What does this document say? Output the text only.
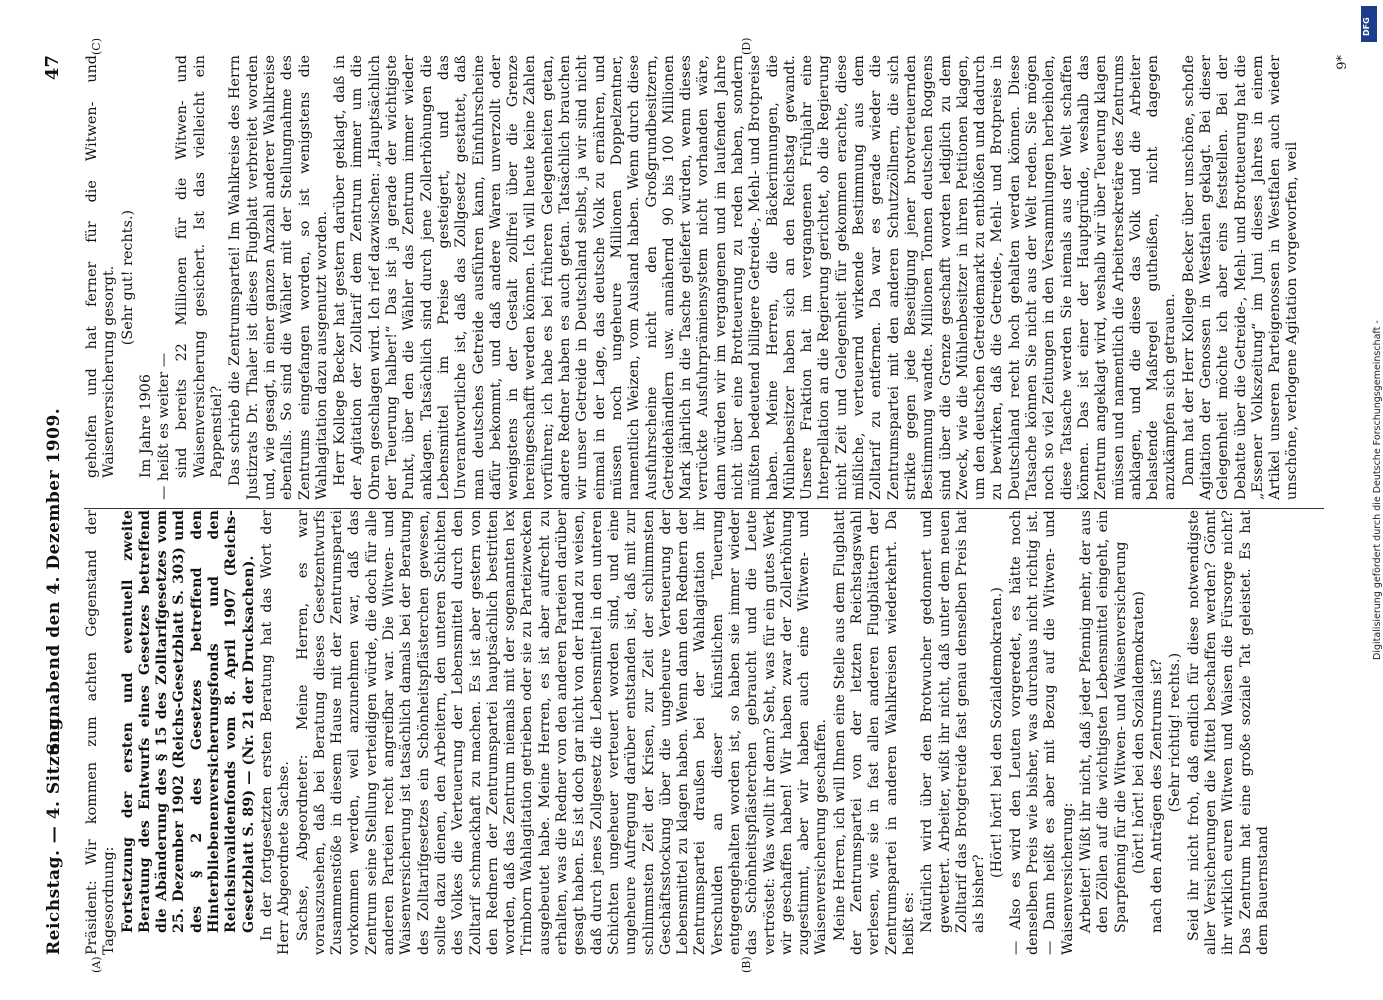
Reichstag. — 4. Sitzung.
Sonnabend den 4. Dezember 1909.
47
(A)	(B)
(C)	(D)

Präsident: Wir kommen zum achten Gegenstand der Tagesordnung: Fortsetzung der ersten und eventuell zweite Beratung des Entwurfs eines Gesetzes betreffend die Abänderung des § 15 des Zolltarifgesetzes vom 25. Dezember 1902 (Reichs-Gesetzblatt S. 303) und des § 2 des Gesetzes betreffend den Hinterbliebenenversicherungsfonds und den Reichsinvalidenfonds vom 8. April 1907 (Reichs-Gesetzblatt S. 89) — (Nr. 21 der Drucksachen). In der fortgesetzten ersten Beratung hat das Wort der Herr Abgeordnete Sachse. Sachse, Abgeordneter: Meine Herren, es war vorauszusehen, daß bei Beratung dieses Gesetzentwurfs Zusammenstöße in diesem Hause mit der Zentrumspartei vorkommen werden, weil anzunehmen war, daß das Zentrum seine Stellung verteidigen würde, die doch für alle anderen Parteien recht angreifbar war. Die Witwen- und Waisenversicherung ist tatsächlich damals bei der Beratung des Zolltarifgesetzes ein Schönheitspflästerchen gewesen, sollte dazu dienen, den Arbeitern, den unteren Schichten des Volkes die Verteuerung der Lebensmittel durch den Zolltarif schmackhaft zu machen. Es ist aber gestern von den Rednern der Zentrumspartei hauptsächlich bestritten worden, daß das Zentrum niemals mit der sogenannten lex Trimborn Wahlagitation getrieben oder sie zu Parteizwecken ausgebeutet habe. Meine Herren, es ist aber aufrecht zu erhalten, was die Redner von den anderen Parteien darüber gesagt haben. Es ist doch gar nicht von der Hand zu weisen, daß durch jenes Zollgesetz die Lebensmittel in den unteren Schichten ungeheuer verteuert worden sind, und eine ungeheure Aufregung darüber entstanden ist, daß mit zur schlimmsten Zeit der Krisen, zur Zeit der schlimmsten Geschäftsstockung über die ungeheure Verteuerung der Lebensmittel zu klagen haben. Wenn dann den Rednern der Zentrumspartei draußen bei der Wahlagitation ihr Verschulden an dieser künstlichen Teuerung entgegengehalten worden ist, so haben sie immer wieder das Schönheitspflästerchen gebraucht und die Leute vertröstet: Was wollt ihr denn? Seht, was für ein gutes Werk wir geschaffen haben! Wir haben zwar der Zollerhöhung zugestimmt, aber wir haben auch eine Witwen- und Waisenversicherung geschaffen. Meine Herren, ich will Ihnen eine Stelle aus dem Flugblatt der Zentrumspartei von der letzten Reichstagswahl verlesen, wie sie in fast allen anderen Flugblättern der Zentrumspartei in anderen Wahlkreisen wiederkehrt. Da heißt es: Natürlich wird über den Brotwucher gedonnert und gewettert. Arbeiter, wißt ihr nicht, daß unter dem neuen Zolltarif das Brotgetreide fast genau denselben Preis hat als bisher?

(Hört! hört! bei den Sozialdemokraten.) — Also es wird den Leuten vorgeredet, es hätte noch denselben Preis wie bisher, was durchaus nicht richtig ist. — Dann heißt es aber mit Bezug auf die Witwen- und Waisenversicherung: Arbeiter! Wißt ihr nicht, daß jeder Pfennig mehr, der aus den Zöllen auf die wichtigsten Lebensmittel eingeht, ein Sparpfennig für die Witwen- und Waisenversicherung (hört! hört! bei den Sozialdemokraten) nach den Anträgen des Zentrums ist? (Sehr richtig! rechts.) Seid ihr nicht froh, daß endlich für diese notwendigste aller Versicherungen die Mittel beschaffen werden? Gönnt ihr wirklich euren Witwen und Waisen die Fürsorge nicht? Das Zentrum hat eine große soziale Tat geleistet. Es hat dem Bauernstand

geholfen und hat ferner für die Witwen- und Waisenversicherung gesorgt. (Sehr gut! rechts.)

Im Jahre 1906 — heißt es weiter — sind bereits 22 Millionen für die Witwen- und Waisenversicherung gesichert. Ist das vielleicht ein Pappenstiel? Das schrieb die Zentrumspartei! Im Wahlkreise des Herrn Justizrats Dr. Thaler ist dieses Flugblatt verbreitet worden und, wie gesagt, in einer ganzen Anzahl anderer Wahlkreise ebenfalls. So sind die Wähler mit der Stellungnahme des Zentrums eingefangen worden, so ist wenigstens die Wahlagitation dazu ausgenutzt worden. Herr Kollege Becker hat gestern darüber geklagt, daß in der Agitation der Zolltarif dem Zentrum immer um die Ohren geschlagen wird. Ich rief dazwischen: „Hauptsächlich der Teuerung halber!“ Das ist ja gerade der wichtigste Punkt, über den die Wähler das Zentrum immer wieder anklagen. Tatsächlich sind durch jene Zollerhöhungen die Lebensmittel im Preise gesteigert, und das Unverantwortliche ist, daß das Zollgesetz gestattet, daß man deutsches Getreide ausführen kann, Einfuhrscheine dafür bekommt, und daß andere Waren unverzollt oder wenigstens in der Gestalt zollfrei über die Grenze hereingeschafft werden können. Ich will heute keine Zahlen vorführen; ich habe es bei früheren Gelegenheiten getan, andere Redner haben es auch getan. Tatsächlich brauchen wir unser Getreide in Deutschland selbst, ja wir sind nicht einmal in der Lage, das deutsche Volk zu ernähren, und müssen noch ungeheure Millionen Doppelzentner, namentlich Weizen, vom Ausland haben. Wenn durch diese Ausfuhrscheine nicht den Großgrundbesitzern, Getreidehändlern usw. annähernd 90 bis 100 Millionen Mark jährlich in die Tasche geliefert würden, wenn dieses verrückte Ausfuhrprämiensystem nicht vorhanden wäre, dann würden wir im vergangenen und im laufenden Jahre nicht über eine Brotteuerung zu reden haben, sondern müßten bedeutend billigere Getreide-, Mehl- und Brotpreise haben. Meine Herren, die Bäckerinnungen, die Mühlenbesitzer haben sich an den Reichstag gewandt. Unsere Fraktion hat im vergangenen Frühjahr eine Interpellation an die Regierung gerichtet, ob die Regierung nicht Zeit und Gelegenheit für gekommen erachte, diese mißliche, verteuernd wirkende Bestimmung aus dem Zolltarif zu entfernen. Da war es gerade wieder die Zentrumspartei mit den anderen Schutzzöllnern, die sich strikte gegen jede Beseitigung jener brotverteuernden Bestimmung wandte. Millionen Tonnen deutschen Roggens sind über die Grenze geschafft worden lediglich zu dem Zweck, wie die Mühlenbesitzer in ihren Petitionen klagen, um den deutschen Getreidemarkt zu entblößen und dadurch zu bewirken, daß die Getreide-, Mehl- und Brotpreise in Deutschland recht hoch gehalten werden können. Diese Tatsache können Sie nicht aus der Welt reden. Sie mögen noch so viel Zeitungen in den Versammlungen herbeiholen, diese Tatsache werden Sie niemals aus der Welt schaffen können. Das ist einer der Hauptgründe, weshalb das Zentrum angeklagt wird, weshalb wir über Teuerung klagen müssen und namentlich die Arbeitersekretäre des Zentrums anklagen, und die diese das Volk und die Arbeiter belastende Maßregel gutheißen, nicht dagegen anzukämpfen sich getrauen. Dann hat der Herr Kollege Becker über unschöne, schofle Agitation der Genossen in Westfalen geklagt. Bei dieser Gelegenheit möchte ich aber eins feststellen. Bei der Debatte über die Getreide-, Mehl- und Brotteuerung hat die „Essener Volkszeitung“ im Juni dieses Jahres in einem Artikel unseren Parteigenossen in Westfalen auch wieder unschöne, verlogene Agitation vorgeworfen, weil

9*
Digitalisierung gefördert durch die Deutsche Forschungsgemeinschaft -
DFG
